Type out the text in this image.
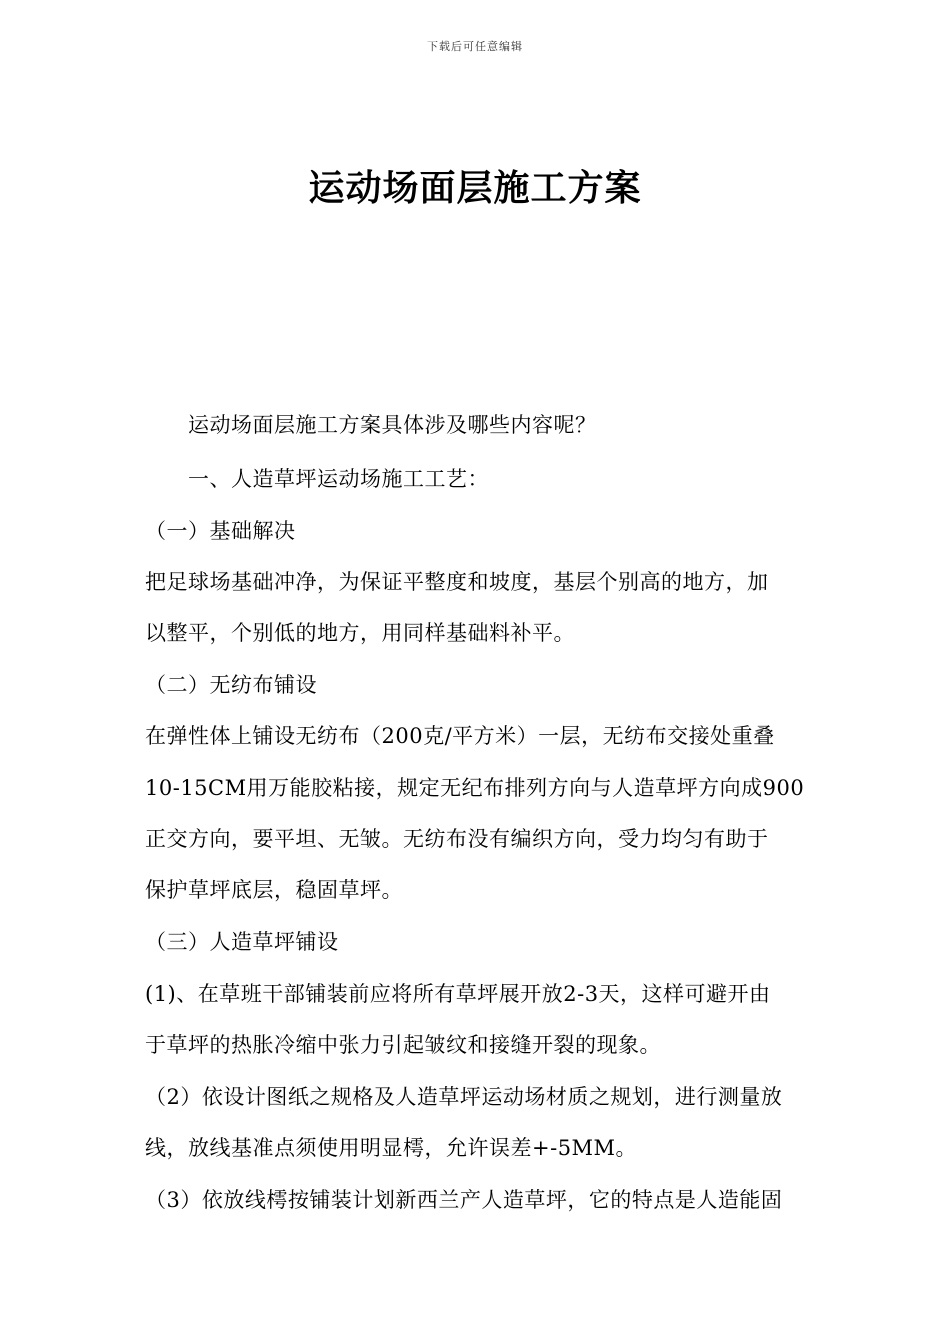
下载后可任意编辑
运动场面层施工方案
运动场面层施工方案具体涉及哪些内容呢？
一、人造草坪运动场施工工艺：
（一）基础解决
把足球场基础冲净，为保证平整度和坡度，基层个别高的地方，加
以整平，个别低的地方，用同样基础料补平。
（二）无纺布铺设
在弹性体上铺设无纺布（200克/平方米）一层，无纺布交接处重叠
10-15CM用万能胶粘接，规定无纪布排列方向与人造草坪方向成900
正交方向，要平坦、无皱。无纺布没有编织方向，受力均匀有助于
保护草坪底层，稳固草坪。
（三）人造草坪铺设
(1)、在草班干部铺装前应将所有草坪展开放2-3天，这样可避开由
于草坪的热胀冷缩中张力引起皱纹和接缝开裂的现象。
（2）依设计图纸之规格及人造草坪运动场材质之规划，进行测量放
线，放线基准点须使用明显樗，允许误差+-5MM。
（3）依放线樗按铺装计划新西兰产人造草坪，它的特点是人造能固
